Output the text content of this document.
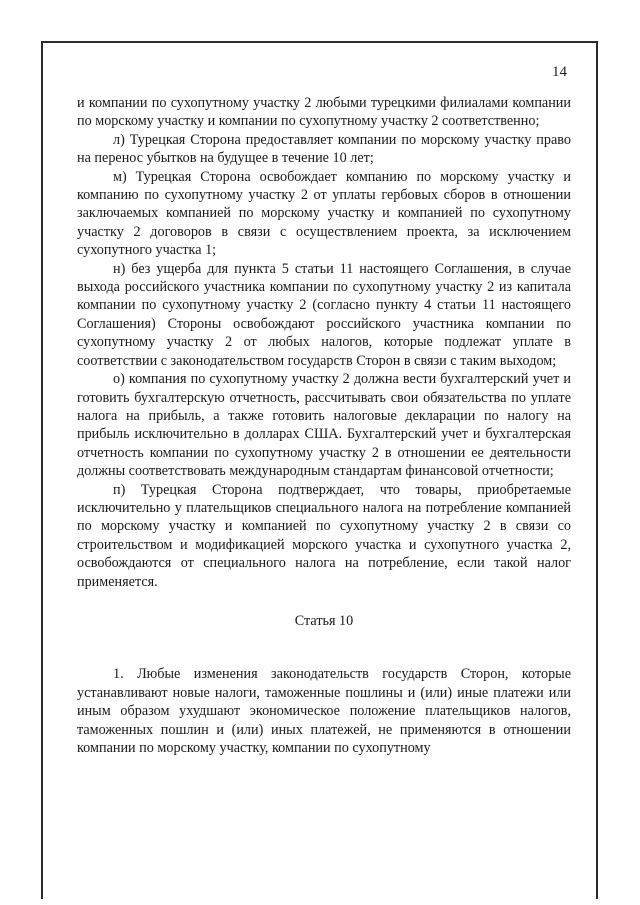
14

и компании по сухопутному участку 2 любыми турецкими филиалами компании по морскому участку и компании по сухопутному участку 2 соответственно;

л) Турецкая Сторона предоставляет компании по морскому участку право на перенос убытков на будущее в течение 10 лет;

м) Турецкая Сторона освобождает компанию по морскому участку и компанию по сухопутному участку 2 от уплаты гербовых сборов в отношении заключаемых компанией по морскому участку и компанией по сухопутному участку 2 договоров в связи с осуществлением проекта, за исключением сухопутного участка 1;

н) без ущерба для пункта 5 статьи 11 настоящего Соглашения, в случае выхода российского участника компании по сухопутному участку 2 из капитала компании по сухопутному участку 2 (согласно пункту 4 статьи 11 настоящего Соглашения) Стороны освобождают российского участника компании по сухопутному участку 2 от любых налогов, которые подлежат уплате в соответствии с законодательством государств Сторон в связи с таким выходом;

о) компания по сухопутному участку 2 должна вести бухгалтерский учет и готовить бухгалтерскую отчетность, рассчитывать свои обязательства по уплате налога на прибыль, а также готовить налоговые декларации по налогу на прибыль исключительно в долларах США. Бухгалтерский учет и бухгалтерская отчетность компании по сухопутному участку 2 в отношении ее деятельности должны соответствовать международным стандартам финансовой отчетности;

п) Турецкая Сторона подтверждает, что товары, приобретаемые исключительно у плательщиков специального налога на потребление компанией по морскому участку и компанией по сухопутному участку 2 в связи со строительством и модификацией морского участка и сухопутного участка 2, освобождаются от специального налога на потребление, если такой налог применяется.

Статья 10

1. Любые изменения законодательств государств Сторон, которые устанавливают новые налоги, таможенные пошлины и (или) иные платежи или иным образом ухудшают экономическое положение плательщиков налогов, таможенных пошлин и (или) иных платежей, не применяются в отношении компании по морскому участку, компании по сухопутному
